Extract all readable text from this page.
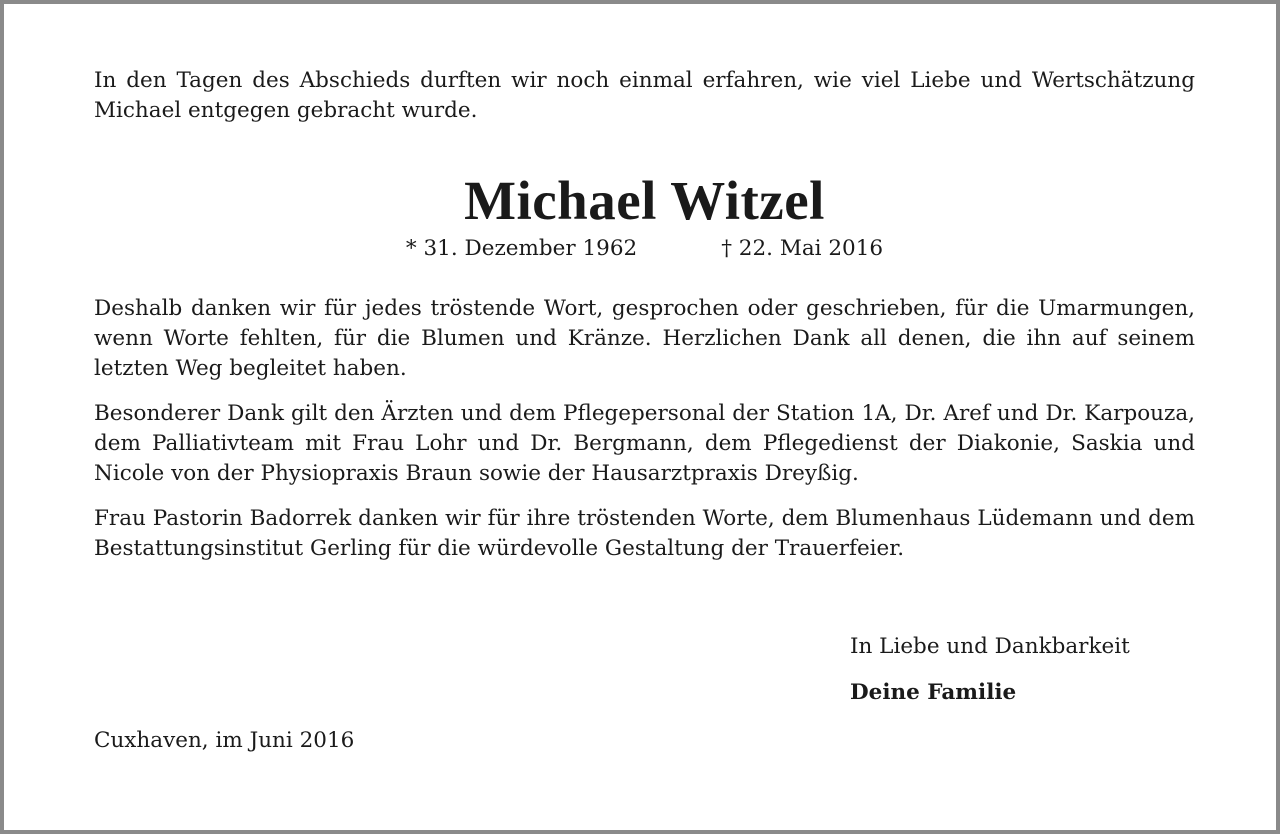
In den Tagen des Abschieds durften wir noch einmal erfahren, wie viel Liebe und Wertschätzung Michael entgegen gebracht wurde.

Michael Witzel
* 31. Dezember 1962	† 22. Mai 2016

Deshalb danken wir für jedes tröstende Wort, gesprochen oder geschrieben, für die Umarmungen, wenn Worte fehlten, für die Blumen und Kränze. Herzlichen Dank all denen, die ihn auf seinem letzten Weg begleitet haben.

Besonderer Dank gilt den Ärzten und dem Pflegepersonal der Station 1A, Dr. Aref und Dr. Karpouza, dem Palliativteam mit Frau Lohr und Dr. Bergmann, dem Pflegedienst der Diakonie, Saskia und Nicole von der Physiopraxis Braun sowie der Hausarztpraxis Dreyßig.

Frau Pastorin Badorrek danken wir für ihre tröstenden Worte, dem Blumenhaus Lüdemann und dem Bestattungsinstitut Gerling für die würdevolle Gestaltung der Trauerfeier.

In Liebe und Dankbarkeit

Deine Familie

Cuxhaven, im Juni 2016
